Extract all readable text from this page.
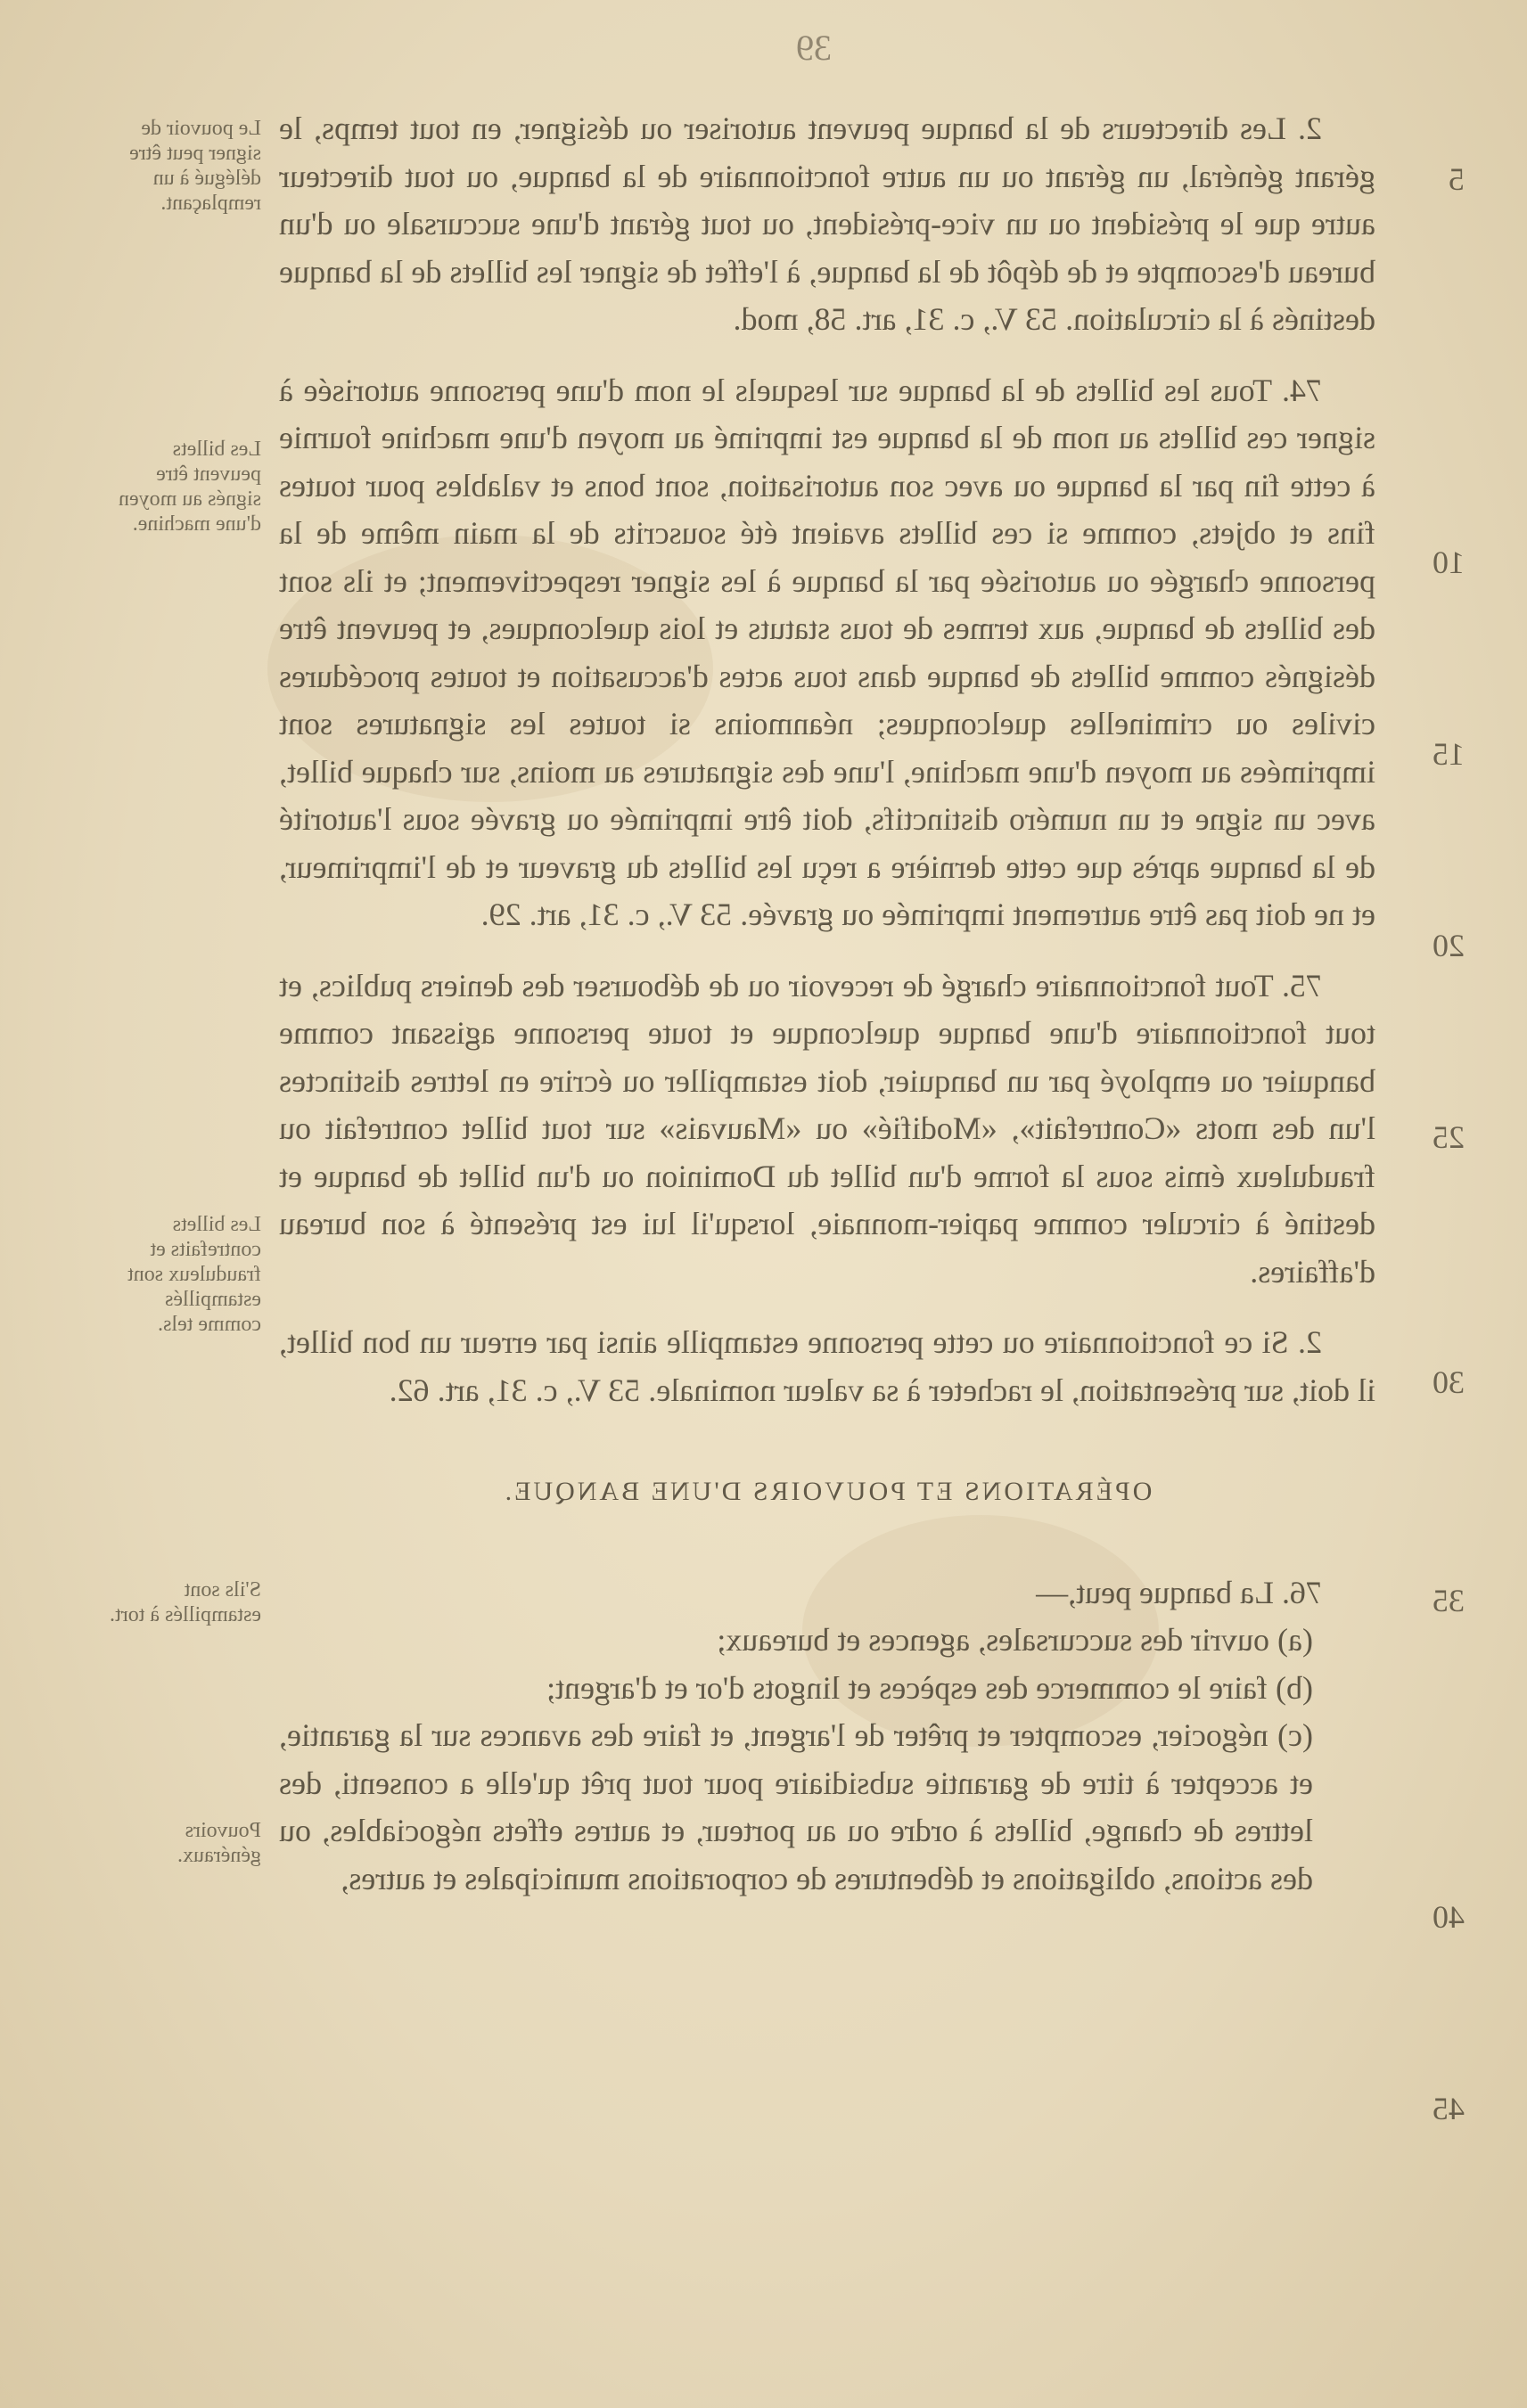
39

2. Les directeurs de la banque peuvent autoriser ou désigner, en tout temps, le gérant général, un gérant ou un autre fonctionnaire de la banque, ou tout directeur autre que le président ou un vice-président, ou tout gérant d'une succursale ou d'un bureau d'escompte et de dépôt de la banque, à l'effet de signer les billets de la banque destinés à la circulation. 53 V., c. 31, art. 58, mod.

74. Tous les billets de la banque sur lesquels le nom d'une personne autorisée à signer ces billets au nom de la banque est imprimé au moyen d'une machine fournie à cette fin par la banque ou avec son autorisation, sont bons et valables pour toutes fins et objets, comme si ces billets avaient été souscrits de la main même de la personne chargée ou autorisée par la banque à les signer respectivement; et ils sont des billets de banque, aux termes de tous statuts et lois quelconques, et peuvent être désignés comme billets de banque dans tous actes d'accusation et toutes procédures civiles ou criminelles quelconques; néanmoins si toutes les signatures sont imprimées au moyen d'une machine, l'une des signatures au moins, sur chaque billet, avec un signe et un numéro distinctifs, doit être imprimée ou gravée sous l'autorité de la banque après que cette dernière a reçu les billets du graveur et de l'imprimeur, et ne doit pas être autrement imprimée ou gravée. 53 V., c. 31, art. 29.

75. Tout fonctionnaire chargé de recevoir ou de débourser des deniers publics, et tout fonctionnaire d'une banque quelconque et toute personne agissant comme banquier ou employé par un banquier, doit estampiller ou écrire en lettres distinctes l'un des mots «Contrefait», «Modifié» ou «Mauvais» sur tout billet contrefait ou frauduleux émis sous la forme d'un billet du Dominion ou d'un billet de banque et destiné à circuler comme papier-monnaie, lorsqu'il lui est présenté à son bureau d'affaires.

2. Si ce fonctionnaire ou cette personne estampille ainsi par erreur un bon billet, il doit, sur présentation, le racheter à sa valeur nominale. 53 V., c. 31, art. 62.

OPÉRATIONS ET POUVOIRS D'UNE BANQUE.

76. La banque peut,—

(a) ouvrir des succursales, agences et bureaux;

(b) faire le commerce des espèces et lingots d'or et d'argent;

(c) négocier, escompter et prêter de l'argent, et faire des avances sur la garantie, et accepter à titre de garantie subsidiaire pour tout prêt qu'elle a consenti, des lettres de change, billets à ordre ou au porteur, et autres effets négociables, ou des actions, obligations et débentures de corporations municipales et autres,

5
10
15
20
25
30
35
40
45
Le pouvoir de signer peut être délégué à un remplaçant.
Les billets peuvent être signés au moyen d'une machine.
Les billets contrefaits et frauduleux sont estampillés comme tels.
S'ils sont estampillés à tort.
Pouvoirs généraux.
